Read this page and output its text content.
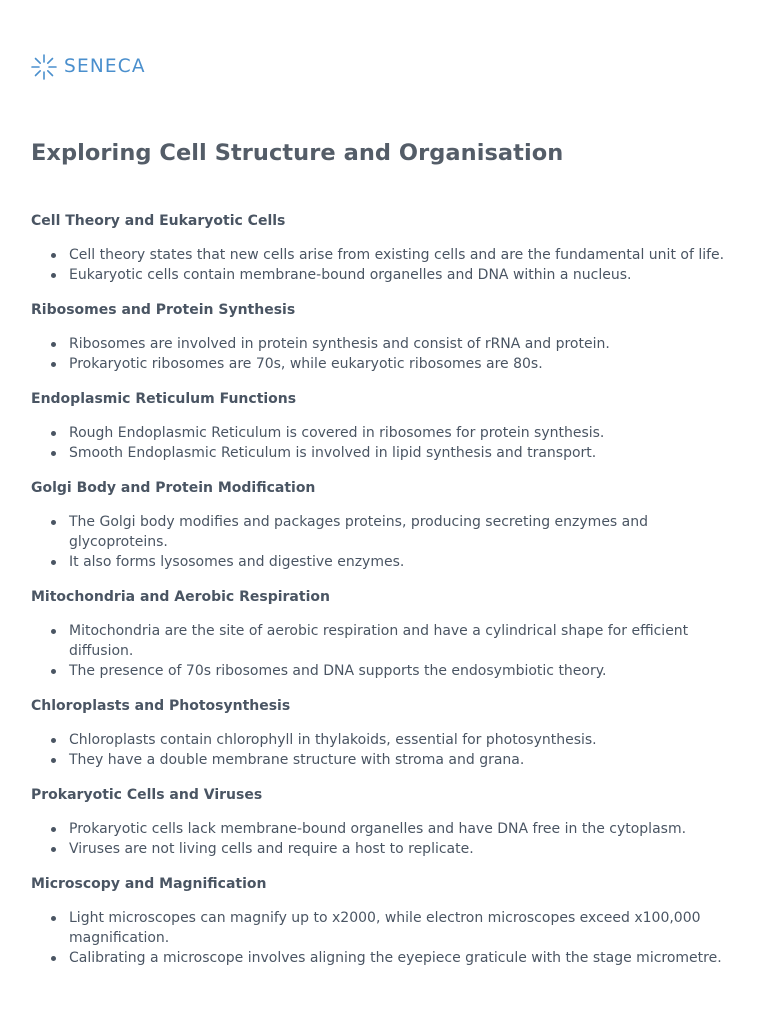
SENECA
Exploring Cell Structure and Organisation
Cell Theory and Eukaryotic Cells
Cell theory states that new cells arise from existing cells and are the fundamental unit of life.
Eukaryotic cells contain membrane-bound organelles and DNA within a nucleus.
Ribosomes and Protein Synthesis
Ribosomes are involved in protein synthesis and consist of rRNA and protein.
Prokaryotic ribosomes are 70s, while eukaryotic ribosomes are 80s.
Endoplasmic Reticulum Functions
Rough Endoplasmic Reticulum is covered in ribosomes for protein synthesis.
Smooth Endoplasmic Reticulum is involved in lipid synthesis and transport.
Golgi Body and Protein Modification
The Golgi body modifies and packages proteins, producing secreting enzymes and glycoproteins.
It also forms lysosomes and digestive enzymes.
Mitochondria and Aerobic Respiration
Mitochondria are the site of aerobic respiration and have a cylindrical shape for efficient diffusion.
The presence of 70s ribosomes and DNA supports the endosymbiotic theory.
Chloroplasts and Photosynthesis
Chloroplasts contain chlorophyll in thylakoids, essential for photosynthesis.
They have a double membrane structure with stroma and grana.
Prokaryotic Cells and Viruses
Prokaryotic cells lack membrane-bound organelles and have DNA free in the cytoplasm.
Viruses are not living cells and require a host to replicate.
Microscopy and Magnification
Light microscopes can magnify up to x2000, while electron microscopes exceed x100,000 magnification.
Calibrating a microscope involves aligning the eyepiece graticule with the stage micrometre.
